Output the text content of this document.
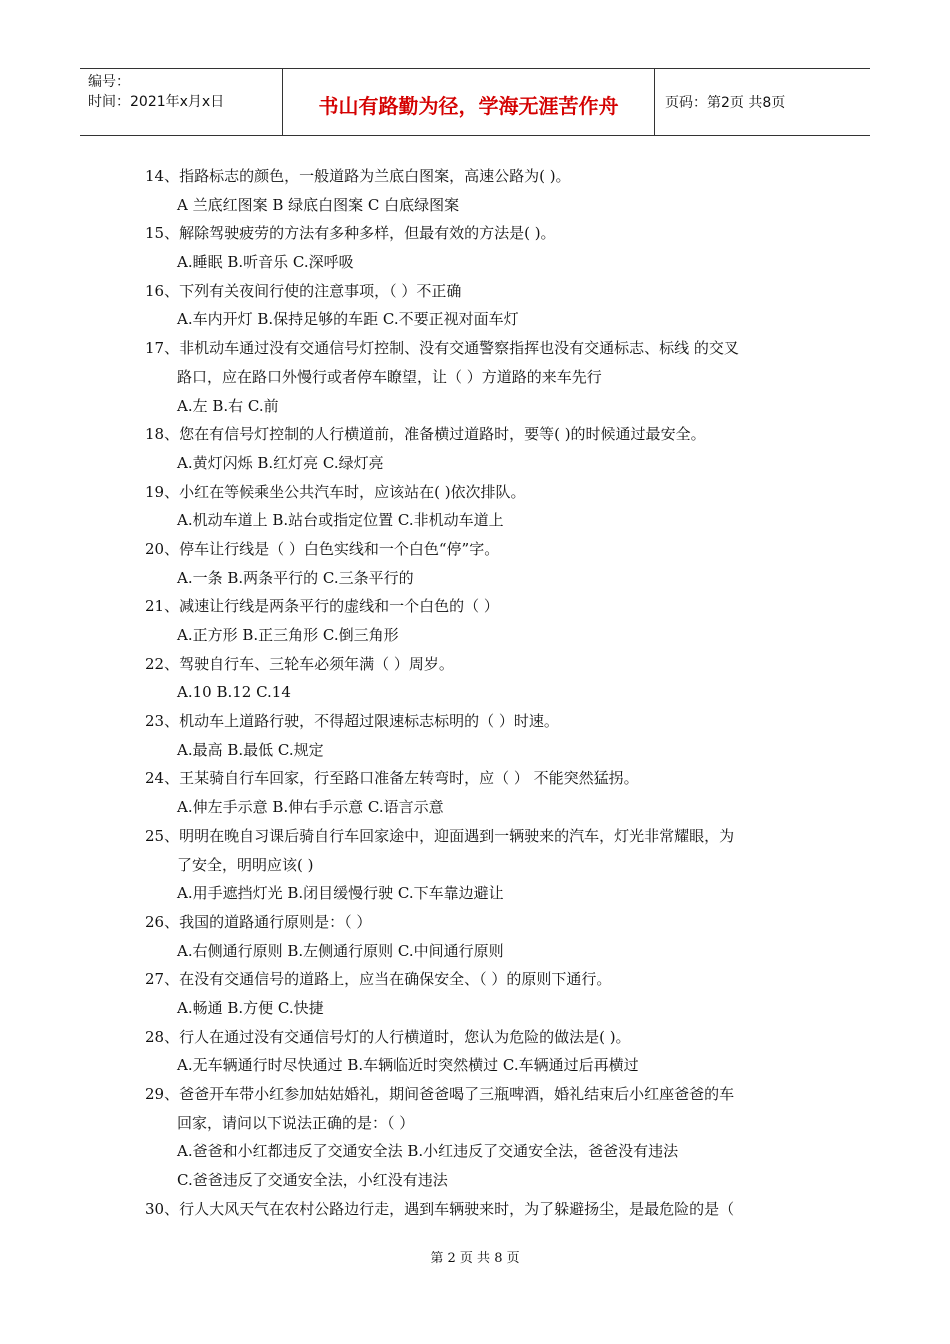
编号：
时间：2021年x月x日	书山有路勤为径，学海无涯苦作舟	页码：第2页 共8页
14、指路标志的颜色，一般道路为兰底白图案，高速公路为( )。
A 兰底红图案 B 绿底白图案 C 白底绿图案
15、解除驾驶疲劳的方法有多种多样，但最有效的方法是( )。
A.睡眠 B.听音乐 C.深呼吸
16、下列有关夜间行使的注意事项，（ ）不正确
A.车内开灯 B.保持足够的车距 C.不要正视对面车灯
17、非机动车通过没有交通信号灯控制、没有交通警察指挥也没有交通标志、标线 的交叉
路口，应在路口外慢行或者停车瞭望，让（ ）方道路的来车先行
A.左 B.右 C.前
18、您在有信号灯控制的人行横道前，准备横过道路时，要等( )的时候通过最安全。
A.黄灯闪烁 B.红灯亮 C.绿灯亮
19、小红在等候乘坐公共汽车时，应该站在( )依次排队。
A.机动车道上 B.站台或指定位置 C.非机动车道上
20、停车让行线是（ ）白色实线和一个白色“停”字。
A.一条 B.两条平行的 C.三条平行的
21、减速让行线是两条平行的虚线和一个白色的（ ）
A.正方形 B.正三角形 C.倒三角形
22、驾驶自行车、三轮车必须年满（ ）周岁。
A.10 B.12 C.14
23、机动车上道路行驶，不得超过限速标志标明的（ ）时速。
A.最高 B.最低 C.规定
24、王某骑自行车回家，行至路口准备左转弯时，应（ ） 不能突然猛拐。
A.伸左手示意 B.伸右手示意 C.语言示意
25、明明在晚自习课后骑自行车回家途中，迎面遇到一辆驶来的汽车，灯光非常耀眼，为
了安全，明明应该( )
A.用手遮挡灯光 B.闭目缓慢行驶 C.下车靠边避让
26、我国的道路通行原则是：（ ）
A.右侧通行原则 B.左侧通行原则 C.中间通行原则
27、在没有交通信号的道路上，应当在确保安全、（ ）的原则下通行。
A.畅通 B.方便 C.快捷
28、行人在通过没有交通信号灯的人行横道时，您认为危险的做法是( )。
A.无车辆通行时尽快通过 B.车辆临近时突然横过 C.车辆通过后再横过
29、爸爸开车带小红参加姑姑婚礼，期间爸爸喝了三瓶啤酒，婚礼结束后小红座爸爸的车
回家，请问以下说法正确的是：（ ）
A.爸爸和小红都违反了交通安全法 B.小红违反了交通安全法，爸爸没有违法
C.爸爸违反了交通安全法，小红没有违法
30、行人大风天气在农村公路边行走，遇到车辆驶来时，为了躲避扬尘，是最危险的是（
第 2 页 共 8 页
